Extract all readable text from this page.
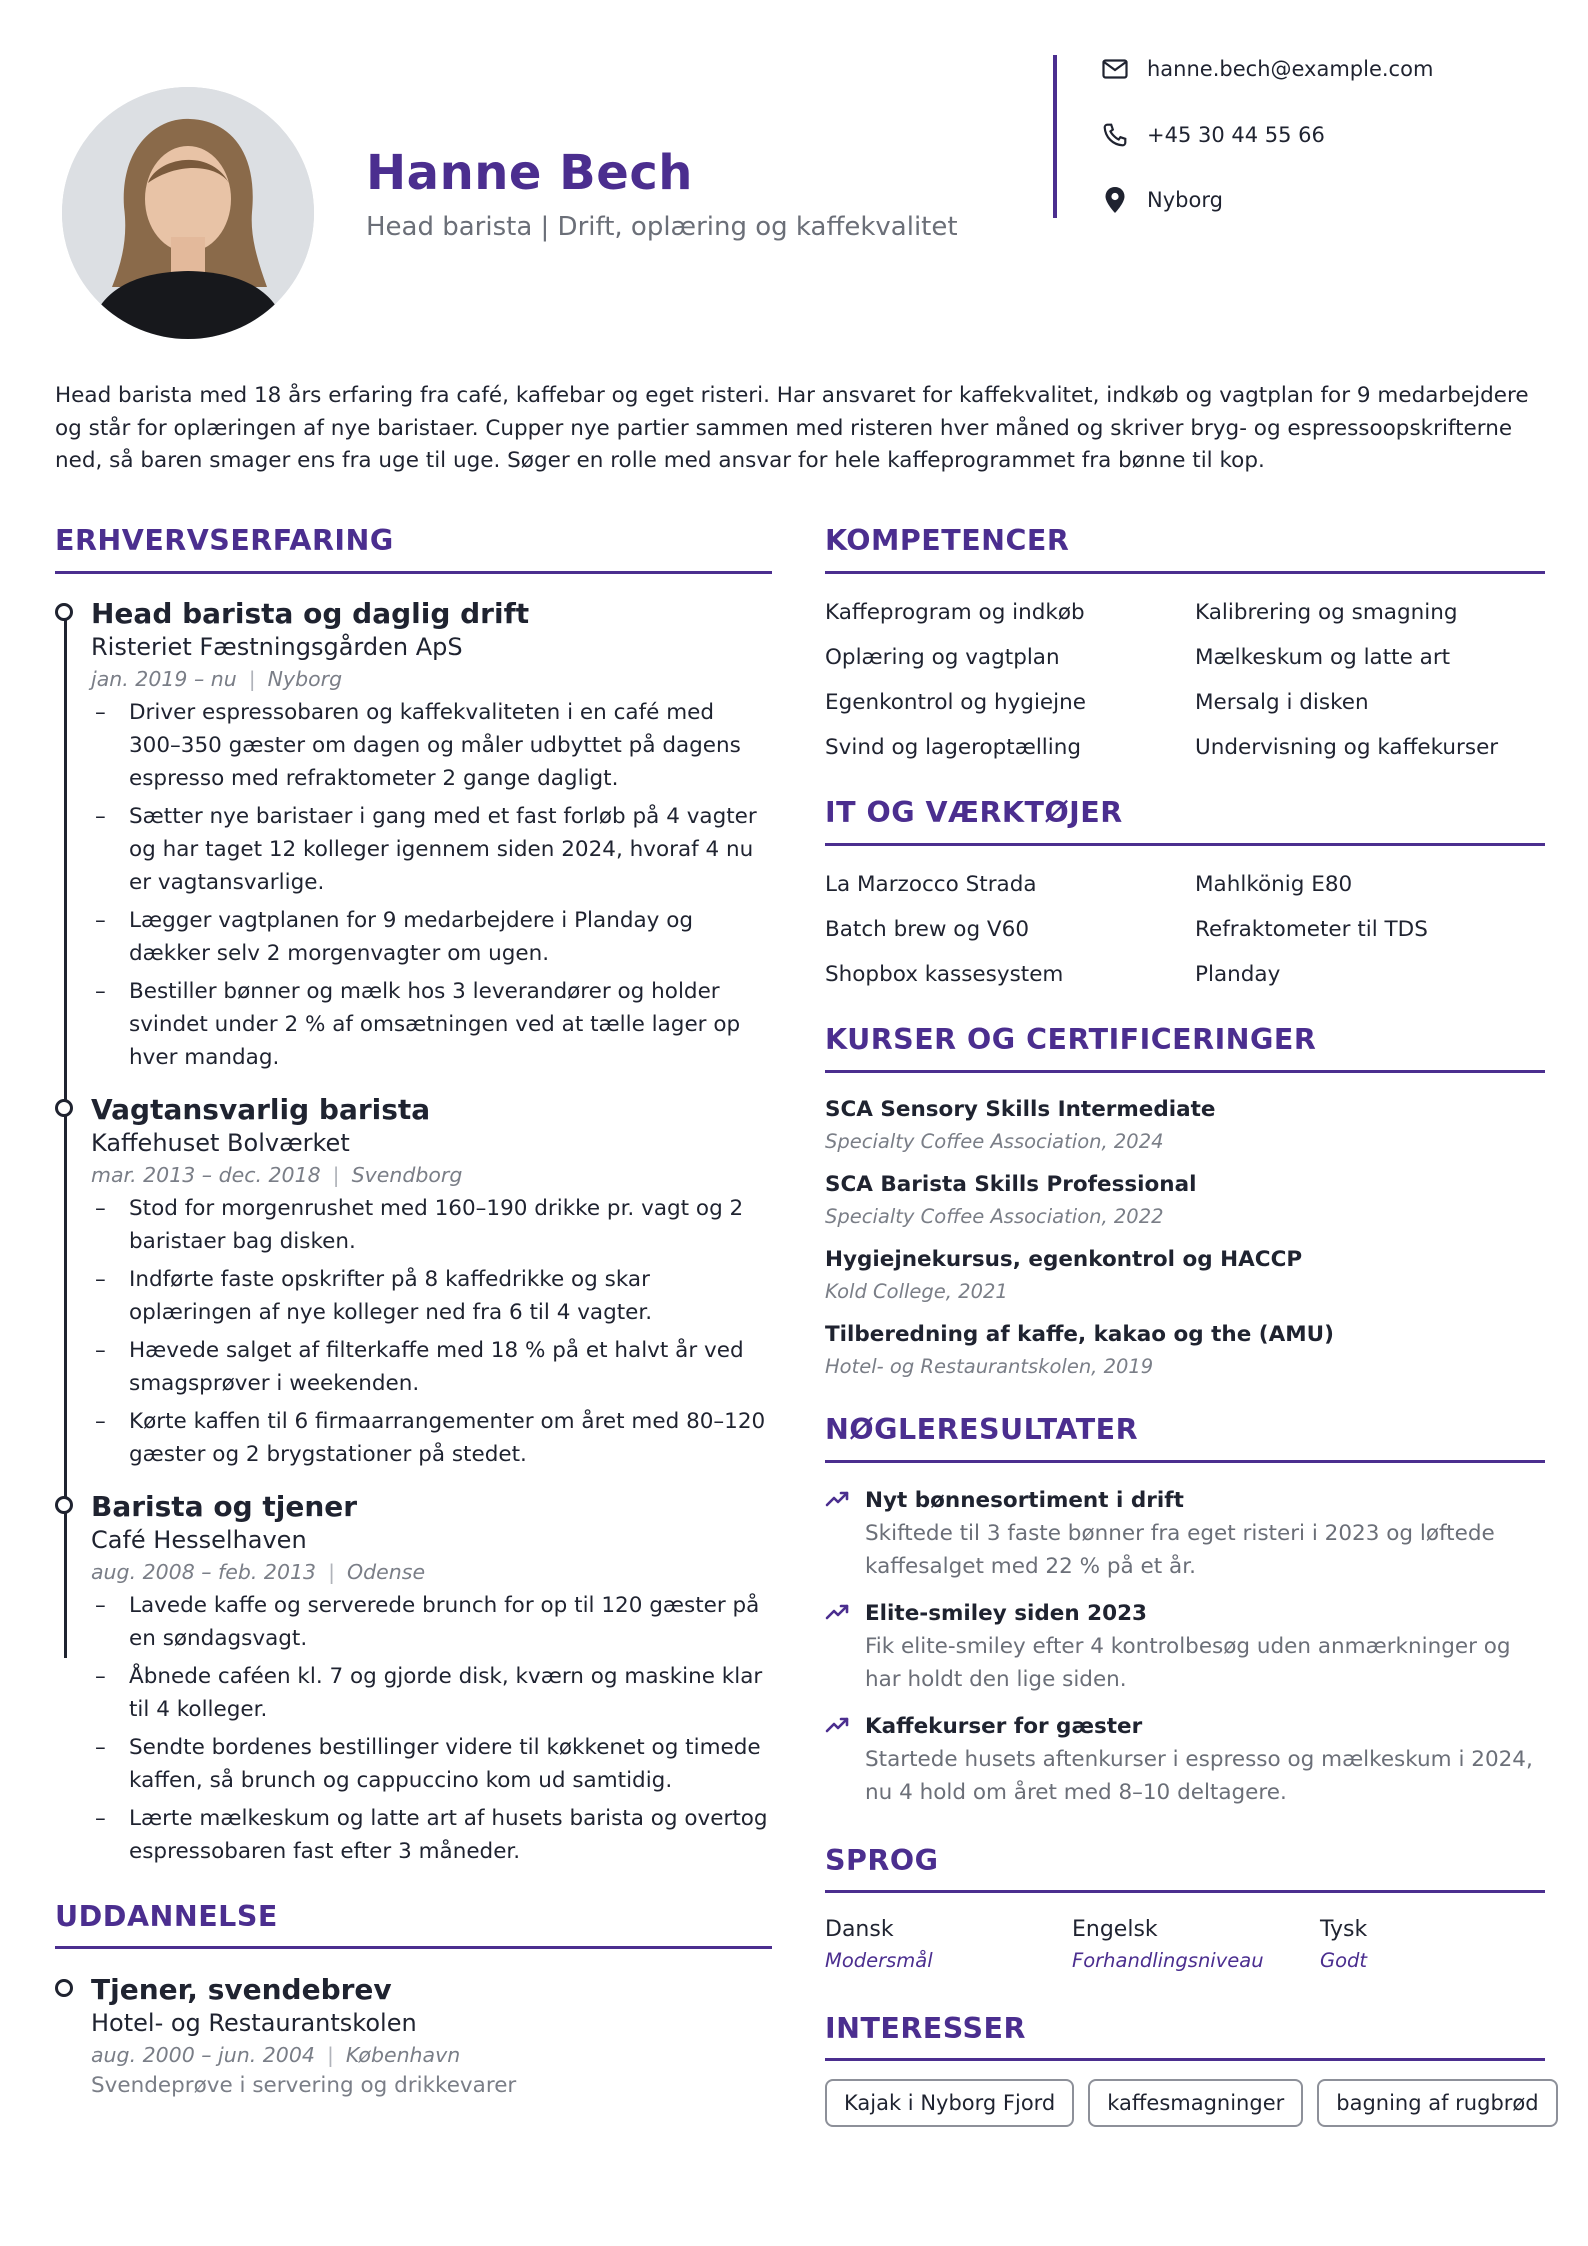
Hanne Bech
Head barista | Drift, oplæring og kaffekvalitet
hanne.bech@example.com
+45 30 44 55 66
Nyborg
Head barista med 18 års erfaring fra café, kaffebar og eget risteri. Har ansvaret for kaffekvalitet, indkøb og vagtplan for 9 medarbejdere og står for oplæringen af nye baristaer. Cupper nye partier sammen med risteren hver måned og skriver bryg- og espressoopskrifterne ned, så baren smager ens fra uge til uge. Søger en rolle med ansvar for hele kaffeprogrammet fra bønne til kop.
ERHVERVSERFARING
Head barista og daglig drift
Risteriet Fæstningsgården ApS
jan. 2019 – nu | Nyborg
– Driver espressobaren og kaffekvaliteten i en café med 300–350 gæster om dagen og måler udbyttet på dagens espresso med refraktometer 2 gange dagligt.
– Sætter nye baristaer i gang med et fast forløb på 4 vagter og har taget 12 kolleger igennem siden 2024, hvoraf 4 nu er vagtansvarlige.
– Lægger vagtplanen for 9 medarbejdere i Planday og dækker selv 2 morgenvagter om ugen.
– Bestiller bønner og mælk hos 3 leverandører og holder svindet under 2 % af omsætningen ved at tælle lager op hver mandag.
Vagtansvarlig barista
Kaffehuset Bolværket
mar. 2013 – dec. 2018 | Svendborg
– Stod for morgenrushet med 160–190 drikke pr. vagt og 2 baristaer bag disken.
– Indførte faste opskrifter på 8 kaffedrikke og skar oplæringen af nye kolleger ned fra 6 til 4 vagter.
– Hævede salget af filterkaffe med 18 % på et halvt år ved smagsprøver i weekenden.
– Kørte kaffen til 6 firmaarrangementer om året med 80–120 gæster og 2 brygstationer på stedet.
Barista og tjener
Café Hesselhaven
aug. 2008 – feb. 2013 | Odense
– Lavede kaffe og serverede brunch for op til 120 gæster på en søndagsvagt.
– Åbnede caféen kl. 7 og gjorde disk, kværn og maskine klar til 4 kolleger.
– Sendte bordenes bestillinger videre til køkkenet og timede kaffen, så brunch og cappuccino kom ud samtidig.
– Lærte mælkeskum og latte art af husets barista og overtog espressobaren fast efter 3 måneder.
UDDANNELSE
Tjener, svendebrev
Hotel- og Restaurantskolen
aug. 2000 – jun. 2004 | København
Svendeprøve i servering og drikkevarer
KOMPETENCER
Kaffeprogram og indkøb	Kalibrering og smagning
Oplæring og vagtplan	Mælkeskum og latte art
Egenkontrol og hygiejne	Mersalg i disken
Svind og lageroptælling	Undervisning og kaffekurser
IT OG VÆRKTØJER
La Marzocco Strada	Mahlkönig E80
Batch brew og V60	Refraktometer til TDS
Shopbox kassesystem	Planday
KURSER OG CERTIFICERINGER
SCA Sensory Skills Intermediate
Specialty Coffee Association, 2024
SCA Barista Skills Professional
Specialty Coffee Association, 2022
Hygiejnekursus, egenkontrol og HACCP
Kold College, 2021
Tilberedning af kaffe, kakao og the (AMU)
Hotel- og Restaurantskolen, 2019
NØGLERESULTATER
Nyt bønnesortiment i drift
Skiftede til 3 faste bønner fra eget risteri i 2023 og løftede kaffesalget med 22 % på et år.
Elite-smiley siden 2023
Fik elite-smiley efter 4 kontrolbesøg uden anmærkninger og har holdt den lige siden.
Kaffekurser for gæster
Startede husets aftenkurser i espresso og mælkeskum i 2024, nu 4 hold om året med 8–10 deltagere.
SPROG
Dansk
Modersmål
Engelsk
Forhandlingsniveau
Tysk
Godt
INTERESSER
Kajak i Nyborg Fjord	kaffesmagninger	bagning af rugbrød
